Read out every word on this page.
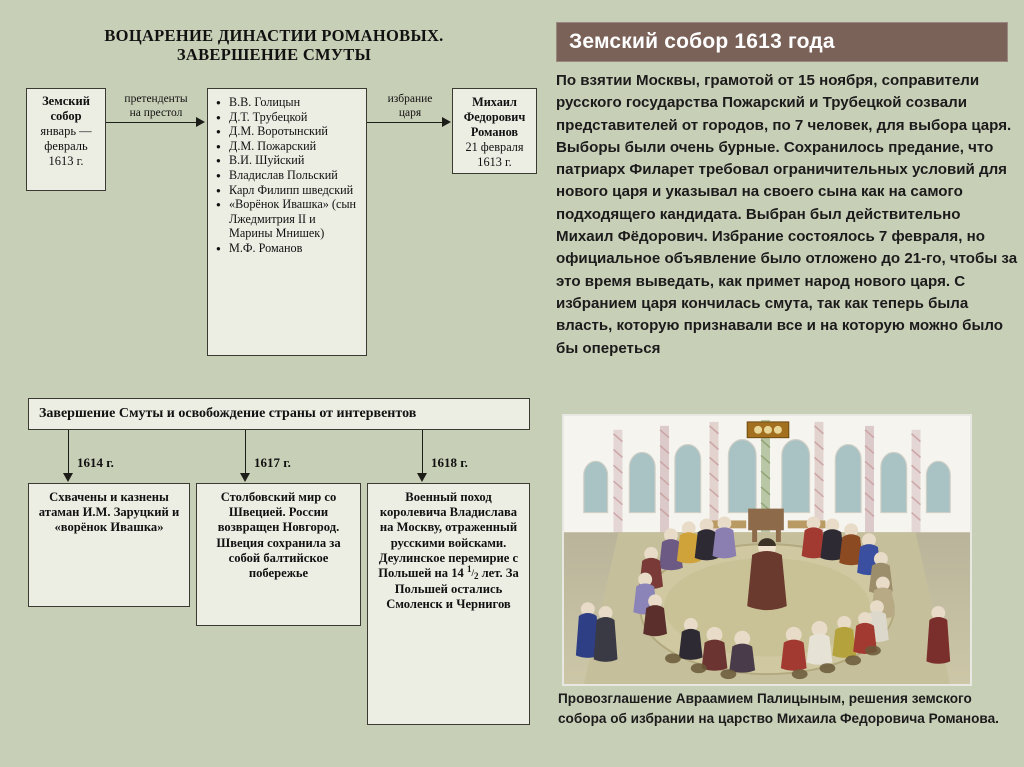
ВОЦАРЕНИЕ ДИНАСТИИ РОМАНОВЫХ.
ЗАВЕРШЕНИЕ СМУТЫ
Земский
собор
январь —
февраль
1613 г.
претенденты
на престол
● В.В. Голицын
● Д.Т. Трубецкой
● Д.М. Воротынский
● Д.М. Пожарский
● В.И. Шуйский
● Владислав Польский
● Карл Филипп шведский
● «Ворёнок Ивашка» (сын Лжедмитрия II и Марины Мнишек)
● М.Ф. Романов
избрание
царя
Михаил
Федорович
Романов
21 февраля
1613 г.
Завершение Смуты и освобождение страны от интервентов
1614 г.	1617 г.	1618 г.
Схвачены и казнены атаман И.М. Заруцкий и «ворёнок Ивашка»
Столбовский мир со Швецией. России возвращен Новгород. Швеция сохранила за собой балтийское побережье
Военный поход королевича Владислава на Москву, отраженный русскими войсками. Деулинское перемирие с Польшей на 14 $^1/_2$ лет. За Польшей остались Смоленск и Чернигов
Земский собор 1613 года
По взятии Москвы, грамотой от 15 ноября, соправители русского государства Пожарский и Трубецкой созвали представителей от городов, по 7 человек, для выбора царя. Выборы были очень бурные. Сохранилось предание, что патриарх Филарет требовал ограничительных условий для нового царя и указывал на своего сына как на самого подходящего кандидата. Выбран был действительно Михаил Фёдорович. Избрание состоялось 7 февраля, но официальное объявление было отложено до 21-го, чтобы за это время выведать, как примет народ нового царя. С избранием царя кончилась смута, так как теперь была власть, которую признавали все и на которую можно было бы опереться
Провозглашение Авраамием Палицыным, решения земского собора об избрании на царство Михаила Федоровича Романова.
